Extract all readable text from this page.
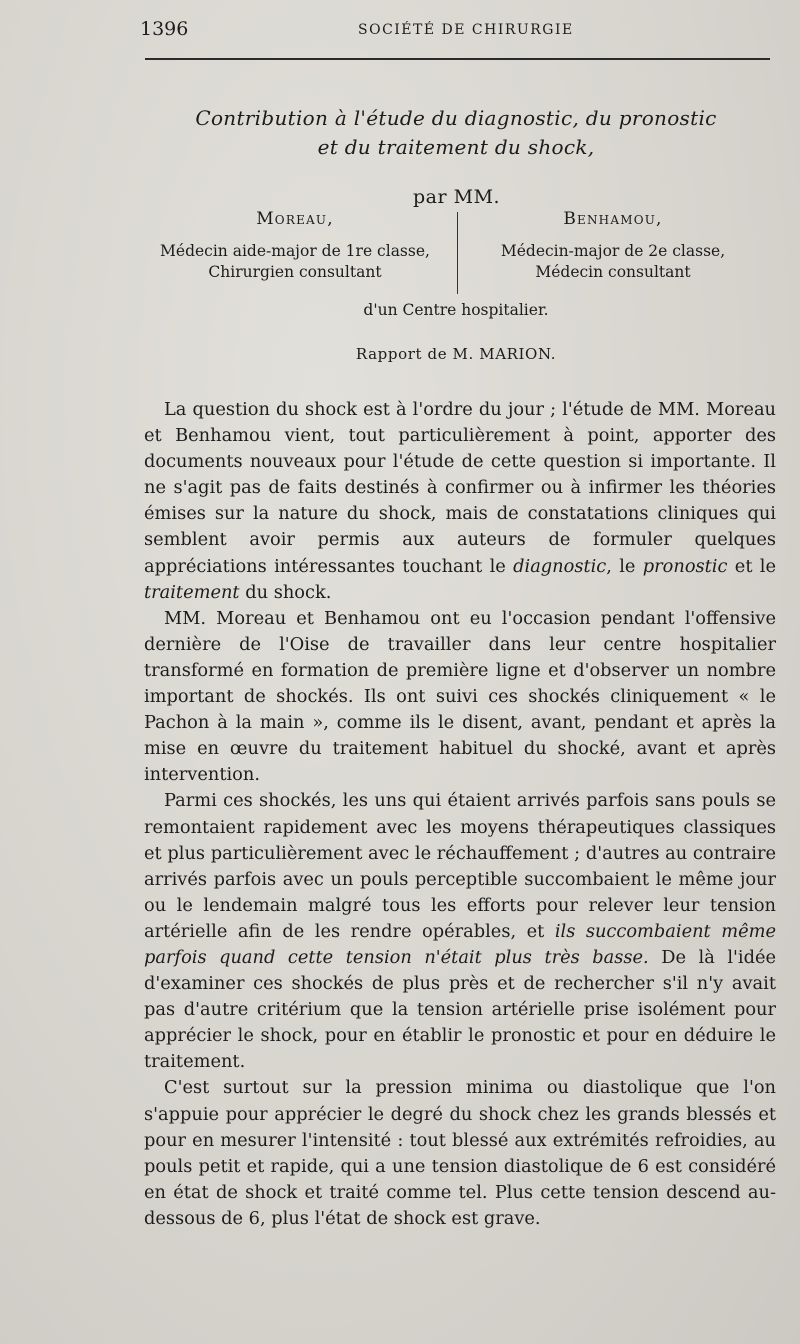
1396	SOCIÉTÉ DE CHIRURGIE
Contribution à l'étude du diagnostic, du pronostic
et du traitement du shock,
par MM.
Moreau,
Médecin aide-major de 1re classe,
Chirurgien consultant
Benhamou,
Médecin-major de 2e classe,
Médecin consultant
d'un Centre hospitalier.
Rapport de M. MARION.

La question du shock est à l'ordre du jour ; l'étude de MM. Moreau et Benhamou vient, tout particulièrement à point, apporter des documents nouveaux pour l'étude de cette question si importante. Il ne s'agit pas de faits destinés à confirmer ou à infirmer les théories émises sur la nature du shock, mais de constatations cliniques qui semblent avoir permis aux auteurs de formuler quelques appréciations intéressantes touchant le diagnostic, le pronostic et le traitement du shock.

MM. Moreau et Benhamou ont eu l'occasion pendant l'offensive dernière de l'Oise de travailler dans leur centre hospitalier transformé en formation de première ligne et d'observer un nombre important de shockés. Ils ont suivi ces shockés cliniquement « le Pachon à la main », comme ils le disent, avant, pendant et après la mise en œuvre du traitement habituel du shocké, avant et après intervention.

Parmi ces shockés, les uns qui étaient arrivés parfois sans pouls se remontaient rapidement avec les moyens thérapeutiques classiques et plus particulièrement avec le réchauffement ; d'autres au contraire arrivés parfois avec un pouls perceptible succombaient le même jour ou le lendemain malgré tous les efforts pour relever leur tension artérielle afin de les rendre opérables, et ils succombaient même parfois quand cette tension n'était plus très basse. De là l'idée d'examiner ces shockés de plus près et de rechercher s'il n'y avait pas d'autre critérium que la tension artérielle prise isolément pour apprécier le shock, pour en établir le pronostic et pour en déduire le traitement.

C'est surtout sur la pression minima ou diastolique que l'on s'appuie pour apprécier le degré du shock chez les grands blessés et pour en mesurer l'intensité : tout blessé aux extrémités refroidies, au pouls petit et rapide, qui a une tension diastolique de 6 est considéré en état de shock et traité comme tel. Plus cette tension descend au-dessous de 6, plus l'état de shock est grave.
